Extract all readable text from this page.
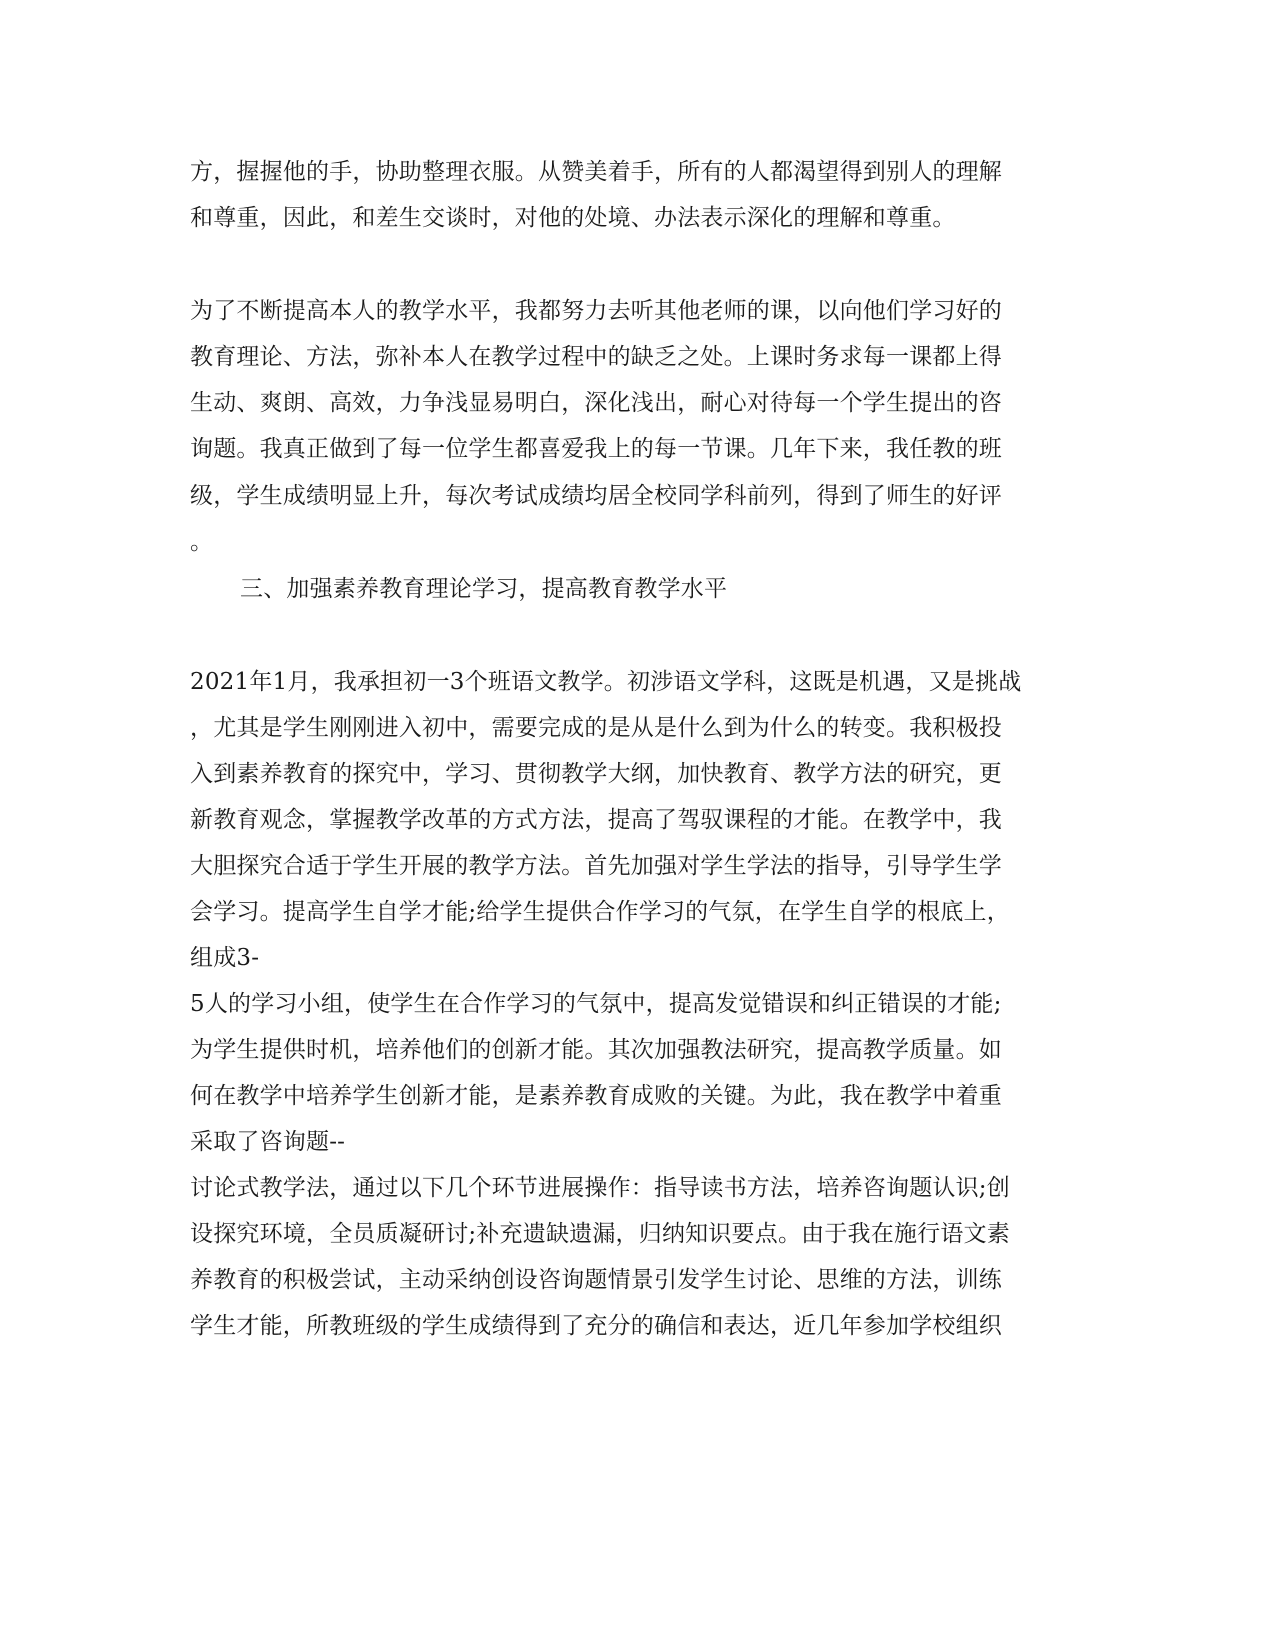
方，握握他的手，协助整理衣服。从赞美着手，所有的人都渴望得到别人的理解
和尊重，因此，和差生交谈时，对他的处境、办法表示深化的理解和尊重。
为了不断提高本人的教学水平，我都努力去听其他老师的课，以向他们学习好的
教育理论、方法，弥补本人在教学过程中的缺乏之处。上课时务求每一课都上得
生动、爽朗、高效，力争浅显易明白，深化浅出，耐心对待每一个学生提出的咨
询题。我真正做到了每一位学生都喜爱我上的每一节课。几年下来，我任教的班
级，学生成绩明显上升，每次考试成绩均居全校同学科前列，得到了师生的好评
。
三、加强素养教育理论学习，提高教育教学水平
2021年1月，我承担初一3个班语文教学。初涉语文学科，这既是机遇，又是挑战
，尤其是学生刚刚进入初中，需要完成的是从是什么到为什么的转变。我积极投
入到素养教育的探究中，学习、贯彻教学大纲，加快教育、教学方法的研究，更
新教育观念，掌握教学改革的方式方法，提高了驾驭课程的才能。在教学中，我
大胆探究合适于学生开展的教学方法。首先加强对学生学法的指导，引导学生学
会学习。提高学生自学才能;给学生提供合作学习的气氛，在学生自学的根底上，
组成3-
5人的学习小组，使学生在合作学习的气氛中，提高发觉错误和纠正错误的才能;
为学生提供时机，培养他们的创新才能。其次加强教法研究，提高教学质量。如
何在教学中培养学生创新才能，是素养教育成败的关键。为此，我在教学中着重
采取了咨询题--
讨论式教学法，通过以下几个环节进展操作：指导读书方法，培养咨询题认识;创
设探究环境，全员质凝研讨;补充遗缺遗漏，归纳知识要点。由于我在施行语文素
养教育的积极尝试，主动采纳创设咨询题情景引发学生讨论、思维的方法，训练
学生才能，所教班级的学生成绩得到了充分的确信和表达，近几年参加学校组织
